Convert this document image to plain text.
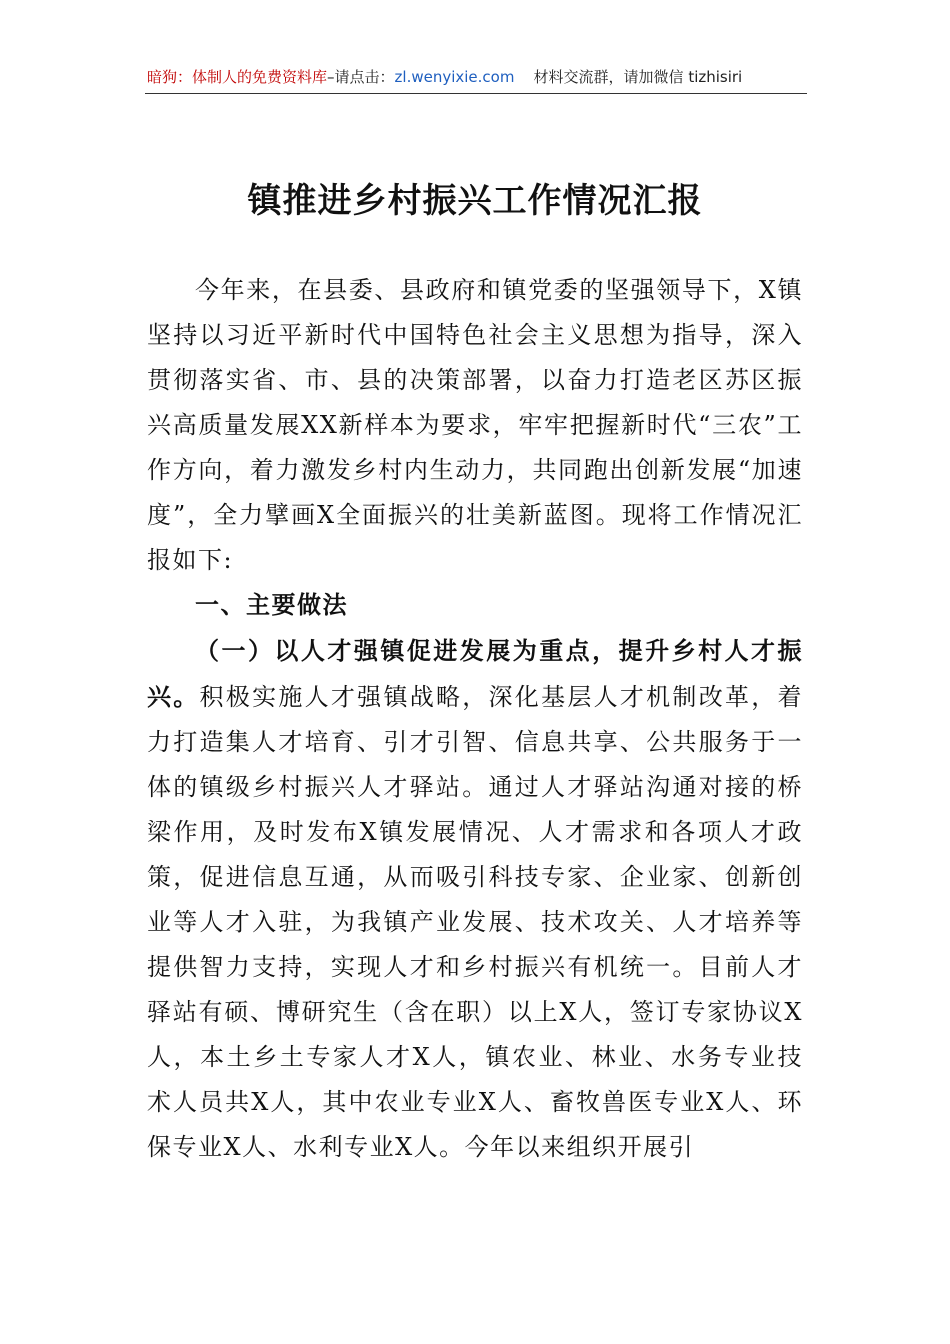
暗狗：体制人的免费资料库–请点击：zl.wenyixie.com 材料交流群，请加微信 tizhisiri
镇推进乡村振兴工作情况汇报

今年来，在县委、县政府和镇党委的坚强领导下，X镇坚持以习近平新时代中国特色社会主义思想为指导，深入贯彻落实省、市、县的决策部署，以奋力打造老区苏区振兴高质量发展XX新样本为要求，牢牢把握新时代“三农”工作方向，着力激发乡村内生动力，共同跑出创新发展“加速度”，全力擘画X全面振兴的壮美新蓝图。现将工作情况汇报如下:

一、主要做法

（一）以人才强镇促进发展为重点，提升乡村人才振兴。积极实施人才强镇战略，深化基层人才机制改革，着力打造集人才培育、引才引智、信息共享、公共服务于一体的镇级乡村振兴人才驿站。通过人才驿站沟通对接的桥梁作用，及时发布X镇发展情况、人才需求和各项人才政策，促进信息互通，从而吸引科技专家、企业家、创新创业等人才入驻，为我镇产业发展、技术攻关、人才培养等提供智力支持，实现人才和乡村振兴有机统一。目前人才驿站有硕、博研究生（含在职）以上X人，签订专家协议X人，本土乡土专家人才X人，镇农业、林业、水务专业技术人员共X人，其中农业专业X人、畜牧兽医专业X人、环保专业X人、水利专业X人。今年以来组织开展引
